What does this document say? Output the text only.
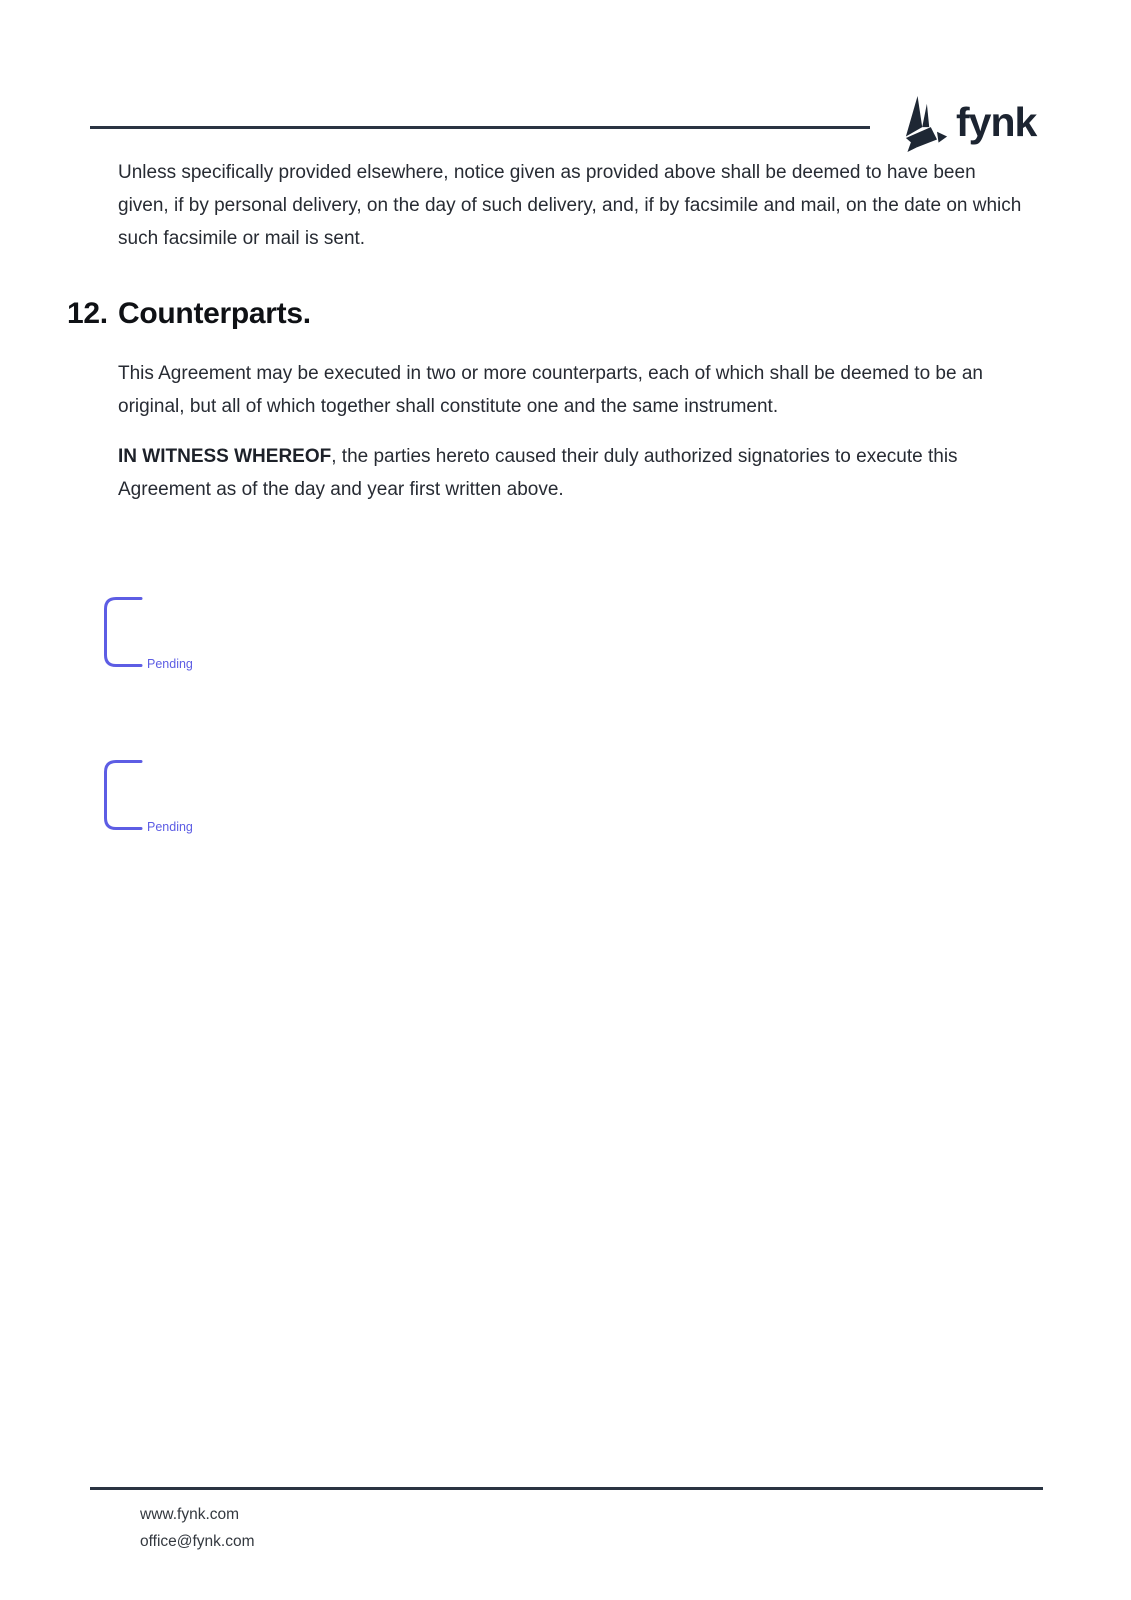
fynk

Unless specifically provided elsewhere, notice given as provided above shall be deemed to have been given, if by personal delivery, on the day of such delivery, and, if by facsimile and mail, on the date on which such facsimile or mail is sent.

12. Counterparts.

This Agreement may be executed in two or more counterparts, each of which shall be deemed to be an original, but all of which together shall constitute one and the same instrument.

IN WITNESS WHEREOF, the parties hereto caused their duly authorized signatories to execute this Agreement as of the day and year first written above.

Pending
Pending
www.fynk.com
office@fynk.com
